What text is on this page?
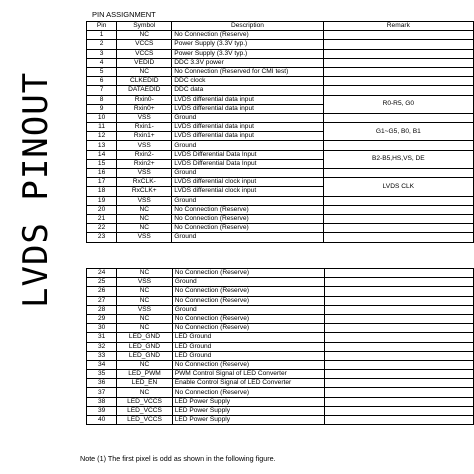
LVDS PINOUT
PIN ASSIGNMENT
Pin	Symbol	Description	Remark
1	NC	No Connection (Reserve)	
2	VCCS	Power Supply (3.3V typ.)	
3	VCCS	Power Supply (3.3V typ.)	
4	VEDID	DDC 3.3V power	
5	NC	No Connection (Reserved for CMI test)	
6	CLKEDID	DDC clock	
7	DATAEDID	DDC data	
8	Rxin0-	LVDS differential data input	R0-R5, G0
9	Rxin0+	LVDS differential data input	
10	VSS	Ground	
11	Rxin1-	LVDS differential data input	G1~G5, B0, B1
12	Rxin1+	LVDS differential data input	
13	VSS	Ground	
14	Rxin2-	LVDS Differential Data Input	B2-B5,HS,VS, DE
15	Rxin2+	LVDS Differential Data Input	
16	VSS	Ground	
17	RxCLK-	LVDS differential clock input	LVDS CLK
18	RxCLK+	LVDS differential clock input	
19	VSS	Ground	
20	NC	No Connection (Reserve)	
21	NC	No Connection (Reserve)	
22	NC	No Connection (Reserve)	
23	VSS	Ground	
24	NC	No Connection (Reserve)	
25	VSS	Ground	
26	NC	No Connection (Reserve)	
27	NC	No Connection (Reserve)	
28	VSS	Ground	
29	NC	No Connection (Reserve)	
30	NC	No Connection (Reserve)	
31	LED_GND	LED Ground	
32	LED_GND	LED Ground	
33	LED_GND	LED Ground	
34	NC	No Connection (Reserve)	
35	LED_PWM	PWM Control Signal of LED Converter	
36	LED_EN	Enable Control Signal of LED Converter	
37	NC	No Connection (Reserve)	
38	LED_VCCS	LED Power Supply	
39	LED_VCCS	LED Power Supply	
40	LED_VCCS	LED Power Supply	
Note (1) The first pixel is odd as shown in the following figure.
